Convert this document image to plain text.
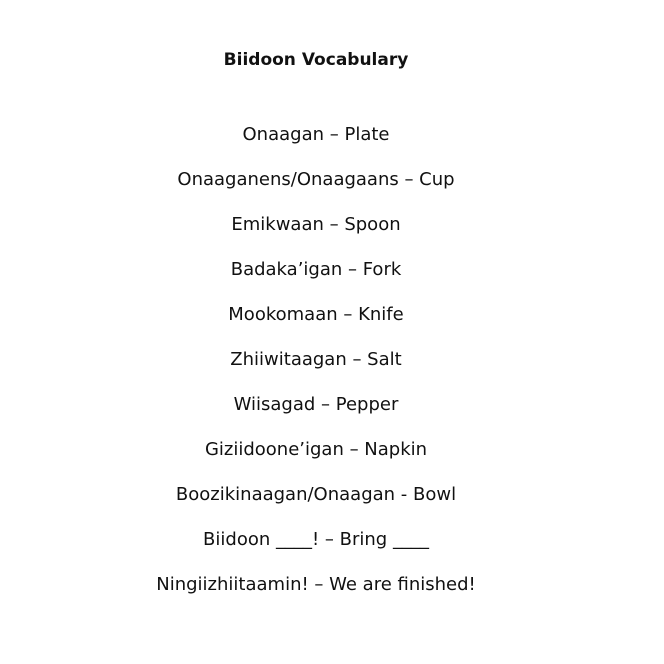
Biidoon Vocabulary
Onaagan – Plate
Onaaganens/Onaagaans – Cup
Emikwaan – Spoon
Badaka’igan – Fork
Mookomaan – Knife
Zhiiwitaagan – Salt
Wiisagad – Pepper
Giziidoone’igan – Napkin
Boozikinaagan/Onaagan - Bowl
Biidoon ____! – Bring ____
Ningiizhiitaamin! – We are finished!
